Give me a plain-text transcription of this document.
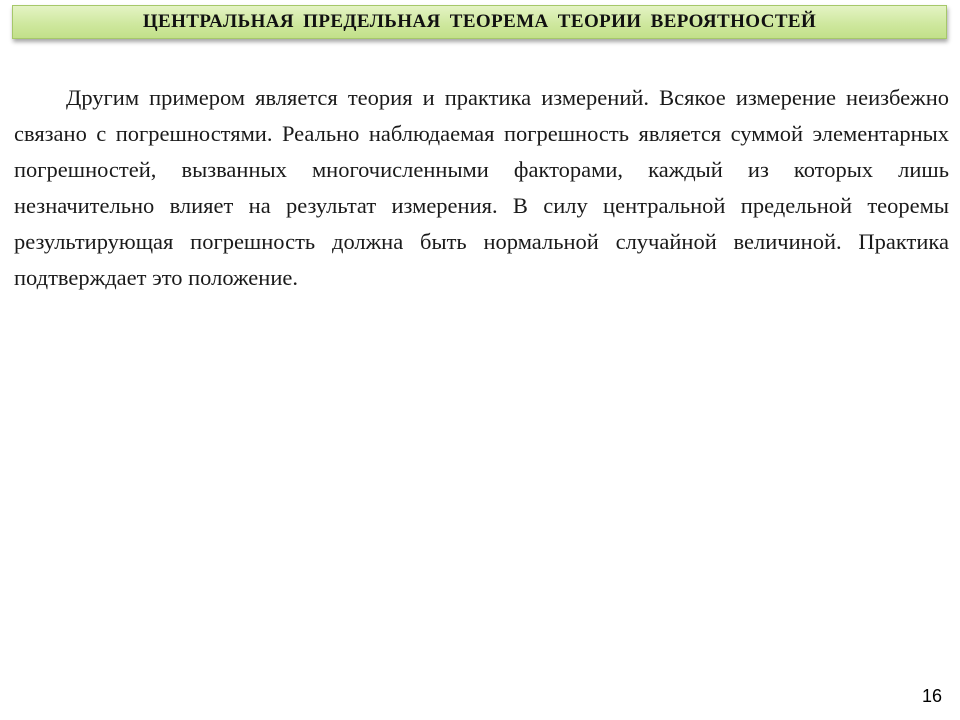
ЦЕНТРАЛЬНАЯ ПРЕДЕЛЬНАЯ ТЕОРЕМА ТЕОРИИ ВЕРОЯТНОСТЕЙ

Другим примером является теория и практика измерений. Всякое измерение неизбежно связано с погрешностями. Реально наблюдаемая погрешность является суммой элементарных погрешностей, вызванных многочисленными факторами, каждый из которых лишь незначительно влияет на результат измерения. В силу центральной предельной теоремы результирующая погрешность должна быть нормальной случайной величиной. Практика подтверждает это положение.

16
